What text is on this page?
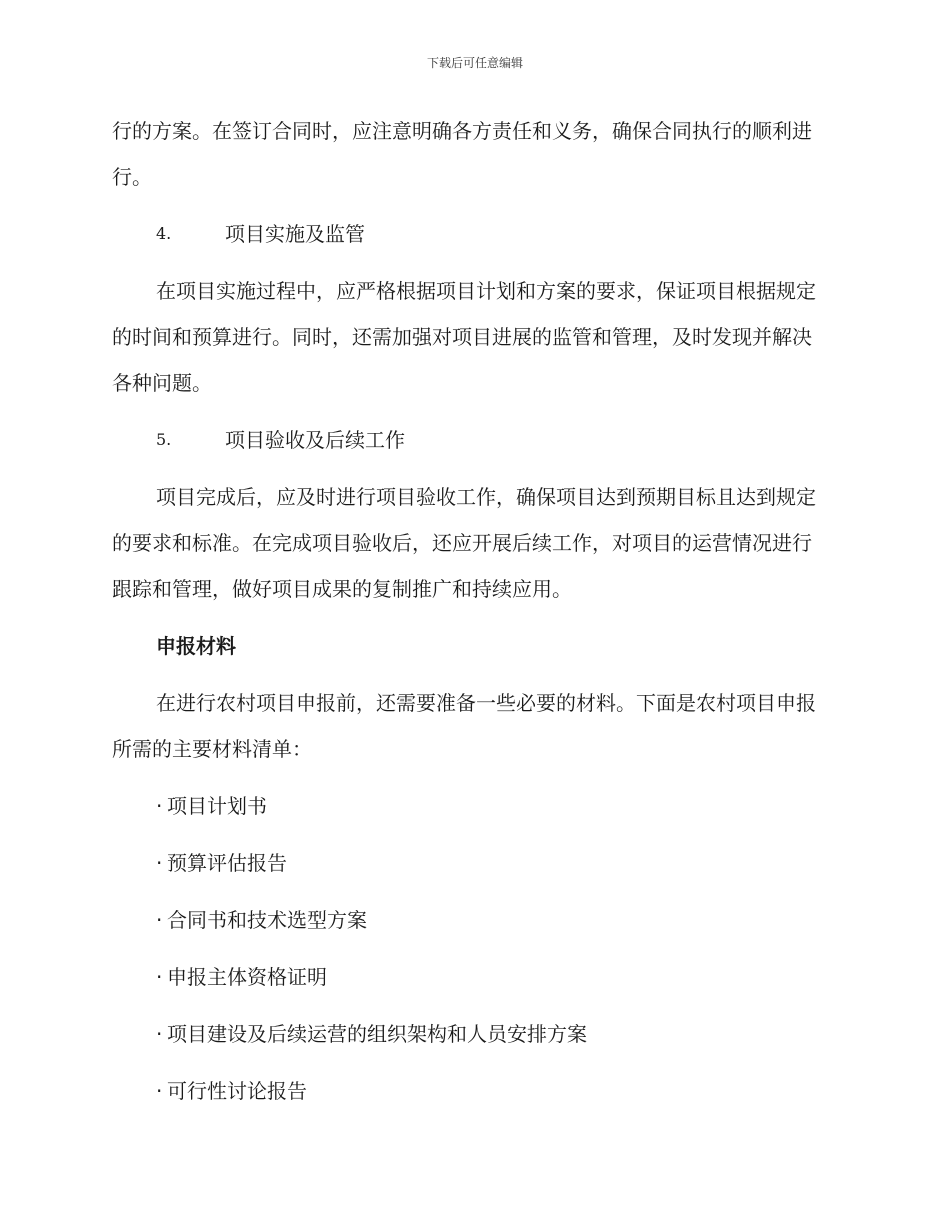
下载后可任意编辑

行的方案。在签订合同时，应注意明确各方责任和义务，确保合同执行的顺利进行。

4.	项目实施及监管

在项目实施过程中，应严格根据项目计划和方案的要求，保证项目根据规定的时间和预算进行。同时，还需加强对项目进展的监管和管理，及时发现并解决各种问题。

5.	项目验收及后续工作

项目完成后，应及时进行项目验收工作，确保项目达到预期目标且达到规定的要求和标准。在完成项目验收后，还应开展后续工作，对项目的运营情况进行跟踪和管理，做好项目成果的复制推广和持续应用。

申报材料

在进行农村项目申报前，还需要准备一些必要的材料。下面是农村项目申报所需的主要材料清单：

· 项目计划书
· 预算评估报告
· 合同书和技术选型方案
· 申报主体资格证明
· 项目建设及后续运营的组织架构和人员安排方案
· 可行性讨论报告
